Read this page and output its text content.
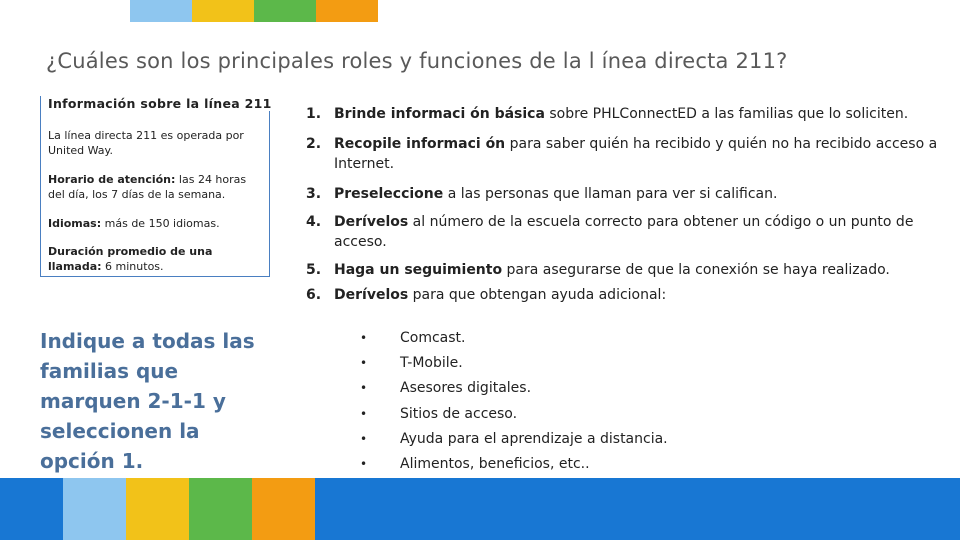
¿Cuáles son los principales roles y funciones de la l ínea directa 211?
Información sobre la línea 211
La línea directa 211 es operada por United Way.
Horario de atención: las 24 horas del día, los 7 días de la semana.
Idiomas: más de 150 idiomas.
Duración promedio de una llamada: 6 minutos.
Indique a todas las familias que marquen 2-1-1 y seleccionen la opción 1.
1. Brinde informaci ón básica sobre PHLConnectED a las familias que lo soliciten.
2. Recopile informaci ón para saber quién ha recibido y quién no ha recibido acceso a Internet.
3. Preseleccione a las personas que llaman para ver si califican.
4. Derívelos al número de la escuela correcto para obtener un código o un punto de acceso.
5. Haga un seguimiento para asegurarse de que la conexión se haya realizado.
6. Derívelos para que obtengan ayuda adicional:
• Comcast.
• T-Mobile.
• Asesores digitales.
• Sitios de acceso.
• Ayuda para el aprendizaje a distancia.
• Alimentos, beneficios, etc..
